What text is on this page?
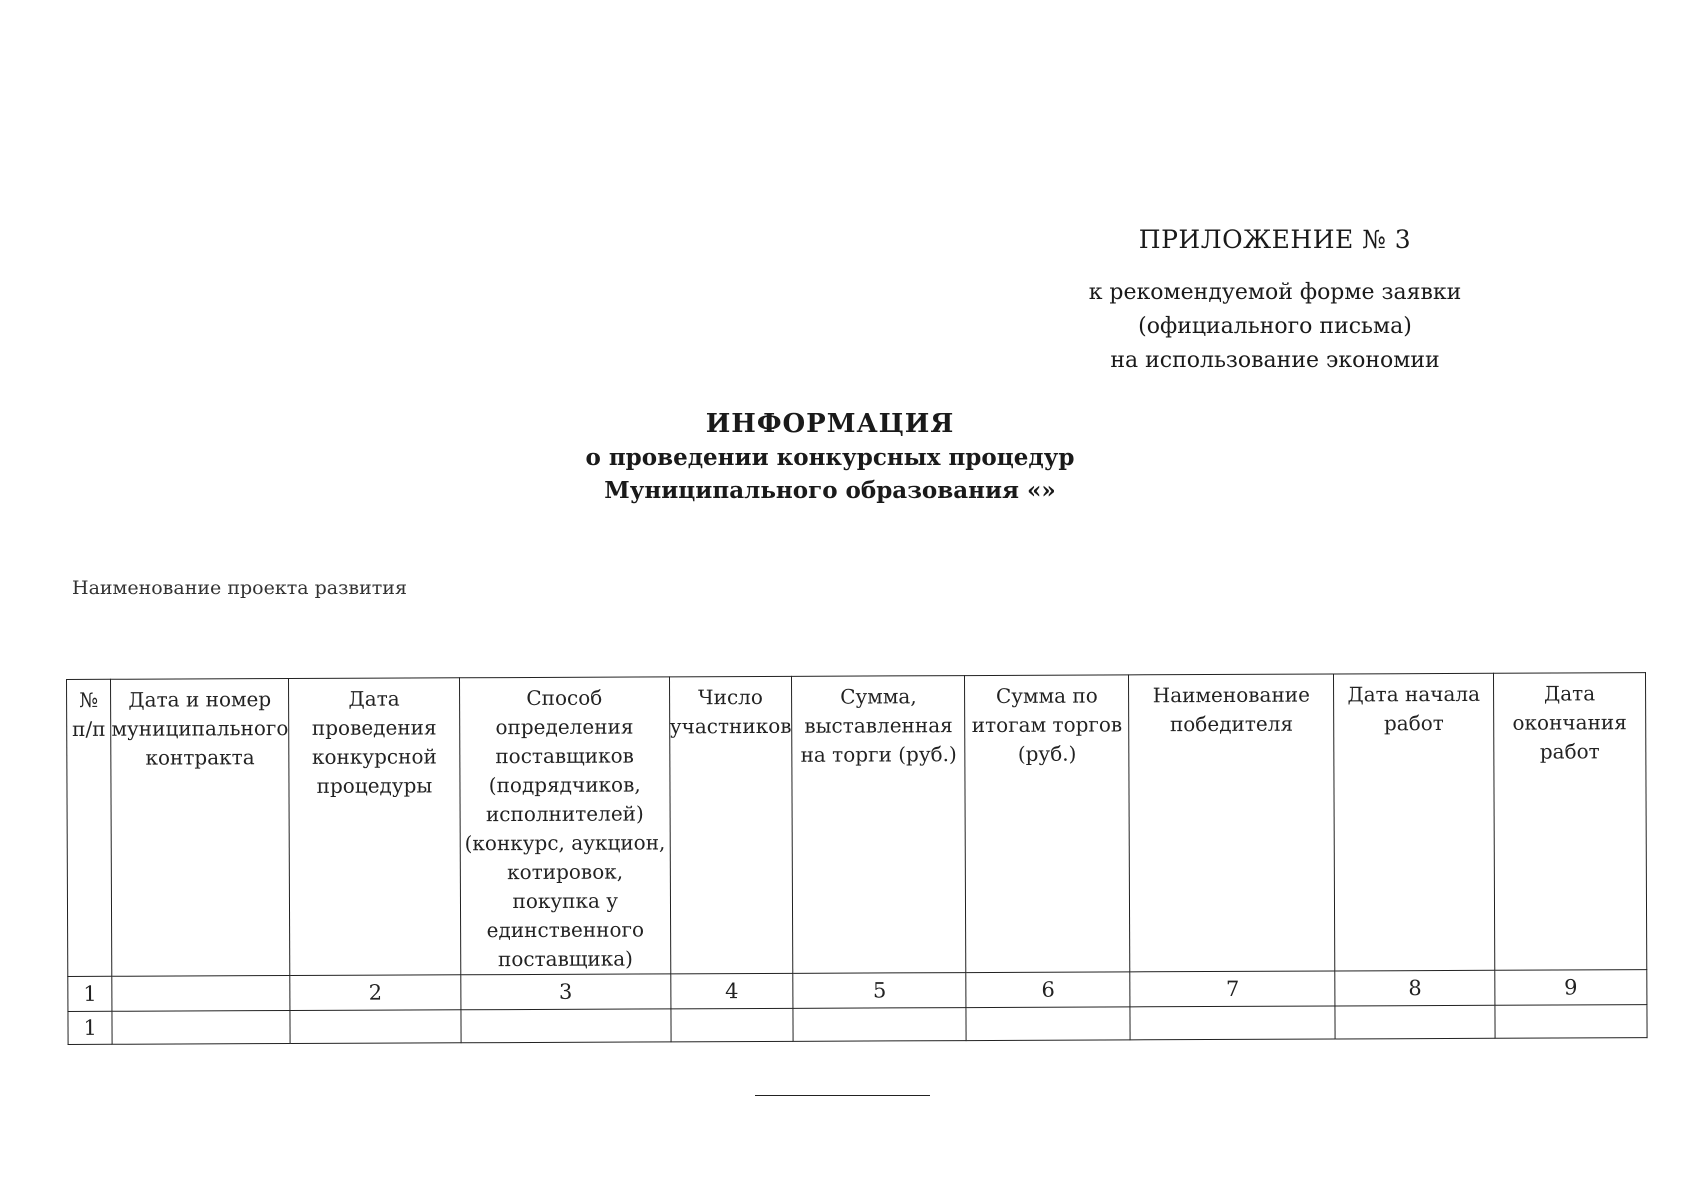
ПРИЛОЖЕНИЕ № 3
к рекомендуемой форме заявки
(официального письма)
на использование экономии
ИНФОРМАЦИЯ
о проведении конкурсных процедур
Муниципального образования «»
Наименование проекта развития
№ п/п	Дата и номер муниципального контракта	Дата проведения конкурсной процедуры	Способ определения поставщиков (подрядчиков, исполнителей) (конкурс, аукцион, котировок, покупка у единственного поставщика)	Число участников	Сумма, выставленная на торги (руб.)	Сумма по итогам торгов (руб.)	Наименование победителя	Дата начала работ	Дата окончания работ
1		2	3	4	5	6	7	8	9
1									
